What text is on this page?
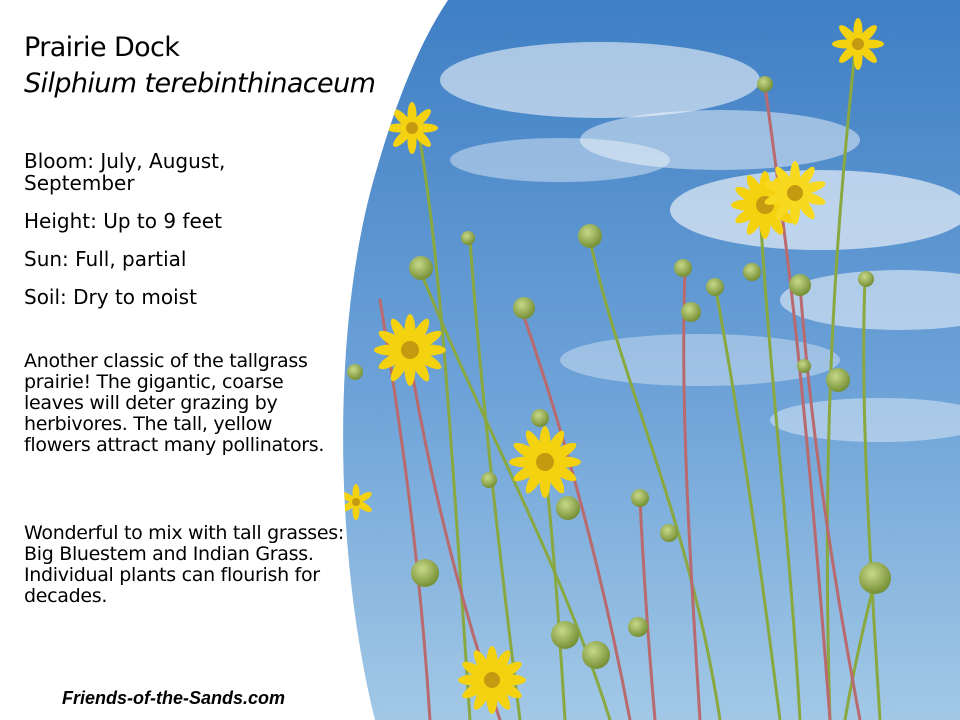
Prairie Dock
Silphium terebinthinaceum
Bloom: July, August, September
Height: Up to 9 feet
Sun: Full, partial
Soil: Dry to moist
Another classic of the tallgrass prairie! The gigantic, coarse leaves will deter grazing by herbivores. The tall, yellow flowers attract many pollinators.
Wonderful to mix with tall grasses: Big Bluestem and Indian Grass. Individual plants can flourish for decades.
Friends-of-the-Sands.com
